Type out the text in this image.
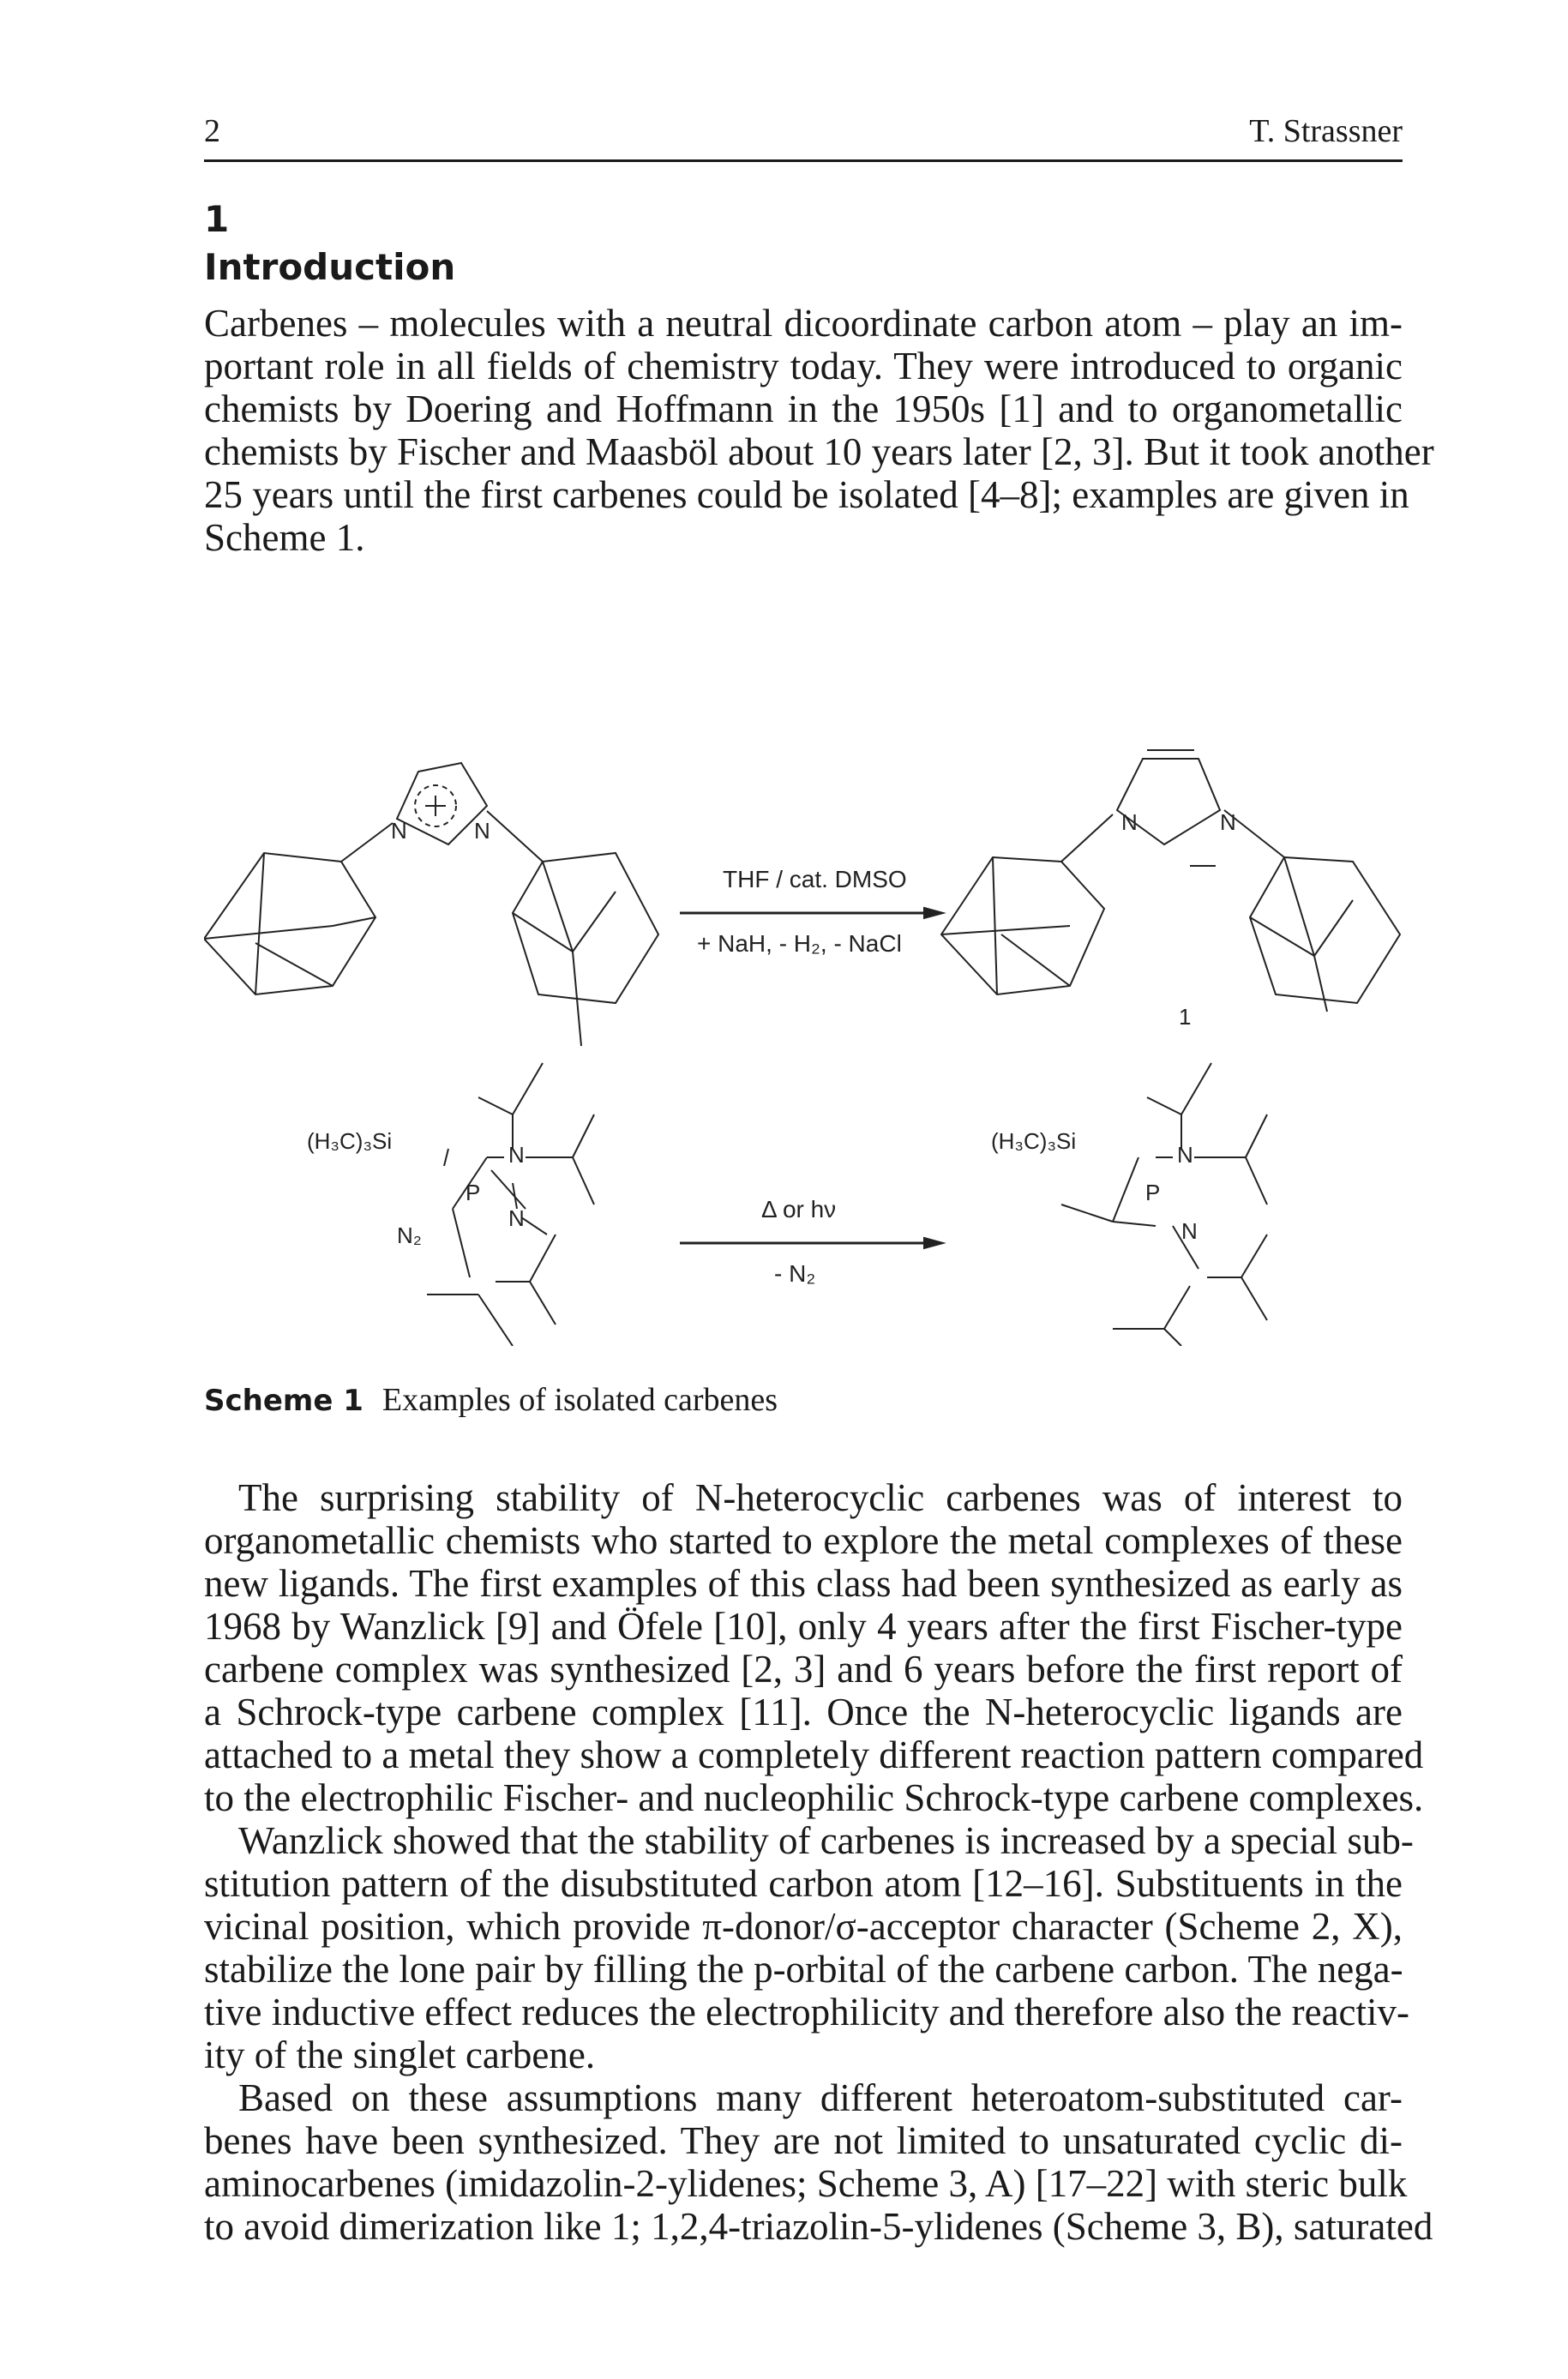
2	T. Strassner
1
Introduction

Carbenes – molecules with a neutral dicoordinate carbon atom – play an im-
portant role in all fields of chemistry today. They were introduced to organic
chemists by Doering and Hoffmann in the 1950s [1] and to organometallic
chemists by Fischer and Maasböl about 10 years later [2, 3]. But it took another
25 years until the first carbenes could be isolated [4–8]; examples are given in
Scheme 1.

N	N	N	N
THF / cat. DMSO
+ NaH, - H₂, - NaCl
1
(H₃C)₃Si
N
P
N
N₂
Δ or hν
- N₂
(H₃C)₃Si
N
P
N
Scheme 1 Examples of isolated carbenes

The surprising stability of N-heterocyclic carbenes was of interest to
organometallic chemists who started to explore the metal complexes of these
new ligands. The first examples of this class had been synthesized as early as
1968 by Wanzlick [9] and Öfele [10], only 4 years after the first Fischer-type
carbene complex was synthesized [2, 3] and 6 years before the first report of
a Schrock-type carbene complex [11]. Once the N-heterocyclic ligands are
attached to a metal they show a completely different reaction pattern compared
to the electrophilic Fischer- and nucleophilic Schrock-type carbene complexes.

Wanzlick showed that the stability of carbenes is increased by a special sub-
stitution pattern of the disubstituted carbon atom [12–16]. Substituents in the
vicinal position, which provide π-donor/σ-acceptor character (Scheme 2, X),
stabilize the lone pair by filling the p-orbital of the carbene carbon. The nega-
tive inductive effect reduces the electrophilicity and therefore also the reactiv-
ity of the singlet carbene.

Based on these assumptions many different heteroatom-substituted car-
benes have been synthesized. They are not limited to unsaturated cyclic di-
aminocarbenes (imidazolin-2-ylidenes; Scheme 3, A) [17–22] with steric bulk
to avoid dimerization like 1; 1,2,4-triazolin-5-ylidenes (Scheme 3, B), saturated
